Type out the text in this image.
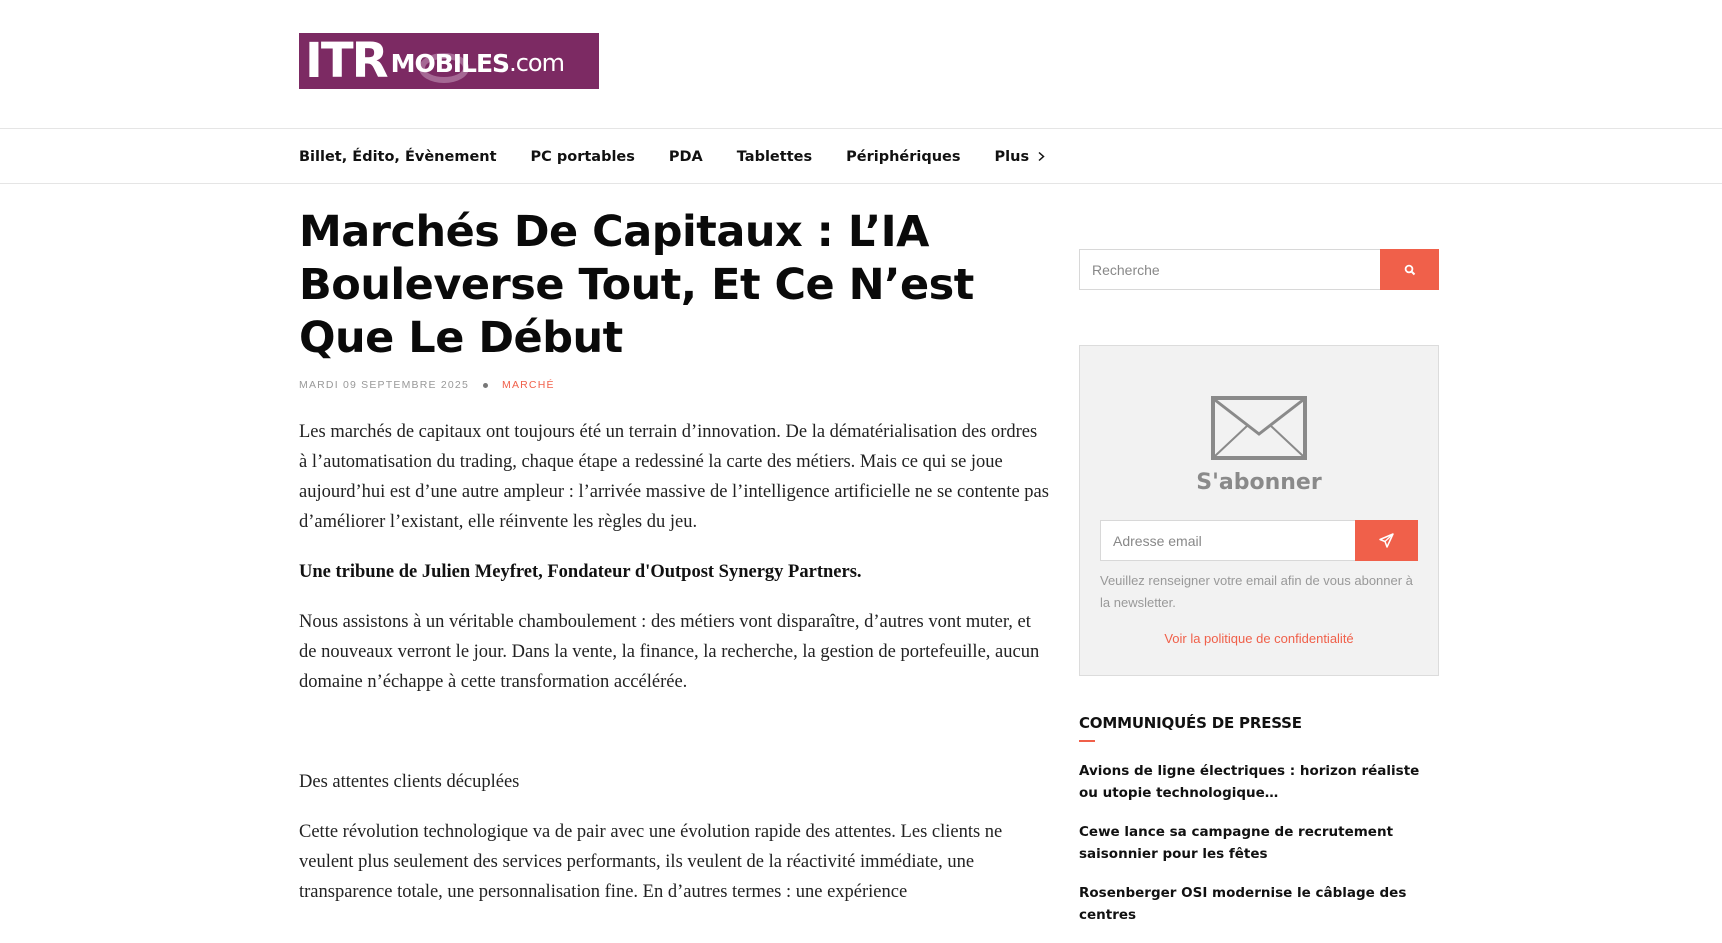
ITR MOBILES .com
Billet, Édito, Évènement PC portables PDA Tablettes Périphériques Plus
Marchés De Capitaux : L’IA Bouleverse Tout, Et Ce N’est Que Le Début
MARDI 09 SEPTEMBRE 2025	MARCHÉ

Les marchés de capitaux ont toujours été un terrain d’innovation. De la dématérialisation des ordres à l’automatisation du trading, chaque étape a redessiné la carte des métiers. Mais ce qui se joue aujourd’hui est d’une autre ampleur : l’arrivée massive de l’intelligence artificielle ne se contente pas d’améliorer l’existant, elle réinvente les règles du jeu.

Une tribune de Julien Meyfret, Fondateur d'Outpost Synergy Partners.

Nous assistons à un véritable chamboulement : des métiers vont disparaître, d’autres vont muter, et de nouveaux verront le jour. Dans la vente, la finance, la recherche, la gestion de portefeuille, aucun domaine n’échappe à cette transformation accélérée.

Des attentes clients décuplées

Cette révolution technologique va de pair avec une évolution rapide des attentes. Les clients ne veulent plus seulement des services performants, ils veulent de la réactivité immédiate, une transparence totale, une personnalisation fine. En d’autres termes : une expérience

Recherche
S'abonner
Adresse email

Veuillez renseigner votre email afin de vous abonner à la newsletter.

Voir la politique de confidentialité
COMMUNIQUÉS DE PRESSE
Avions de ligne électriques : horizon réaliste ou utopie technologique…
Cewe lance sa campagne de recrutement saisonnier pour les fêtes
Rosenberger OSI modernise le câblage des centres
